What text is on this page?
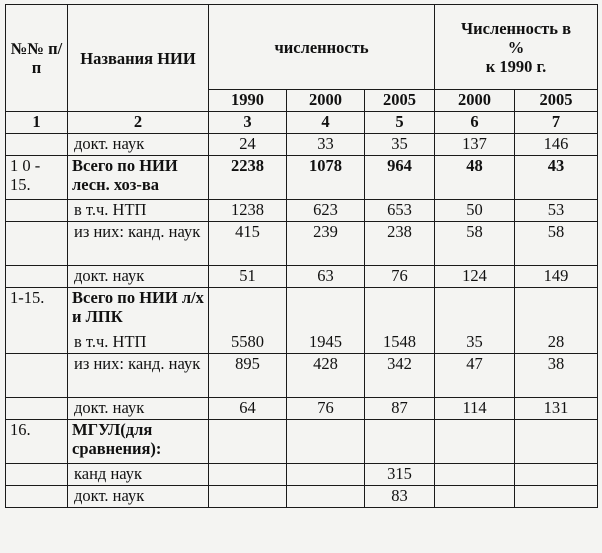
№№ п/п	Названия НИИ	численность			Численность в
%
к 1990 г.	
		1990	2000	2005	2000	2005
1	2	3	4	5	6	7
	докт. наук	24	33	35	137	146
1 0 - 15.	Всего по НИИ лесн. хоз-ва	2238	1078	964	48	43
	в т.ч. НТП	1238	623	653	50	53
	из них: канд. наук	415	239	238	58	58
	докт. наук	51	63	76	124	149
1-15.	Всего по НИИ л/х и ЛПК					
	в т.ч. НТП	5580	1945	1548	35	28
	из них: канд. наук	895	428	342	47	38
	докт. наук	64	76	87	114	131
16.	МГУЛ(для сравнения):					
	канд наук			315		
	докт. наук			83		
